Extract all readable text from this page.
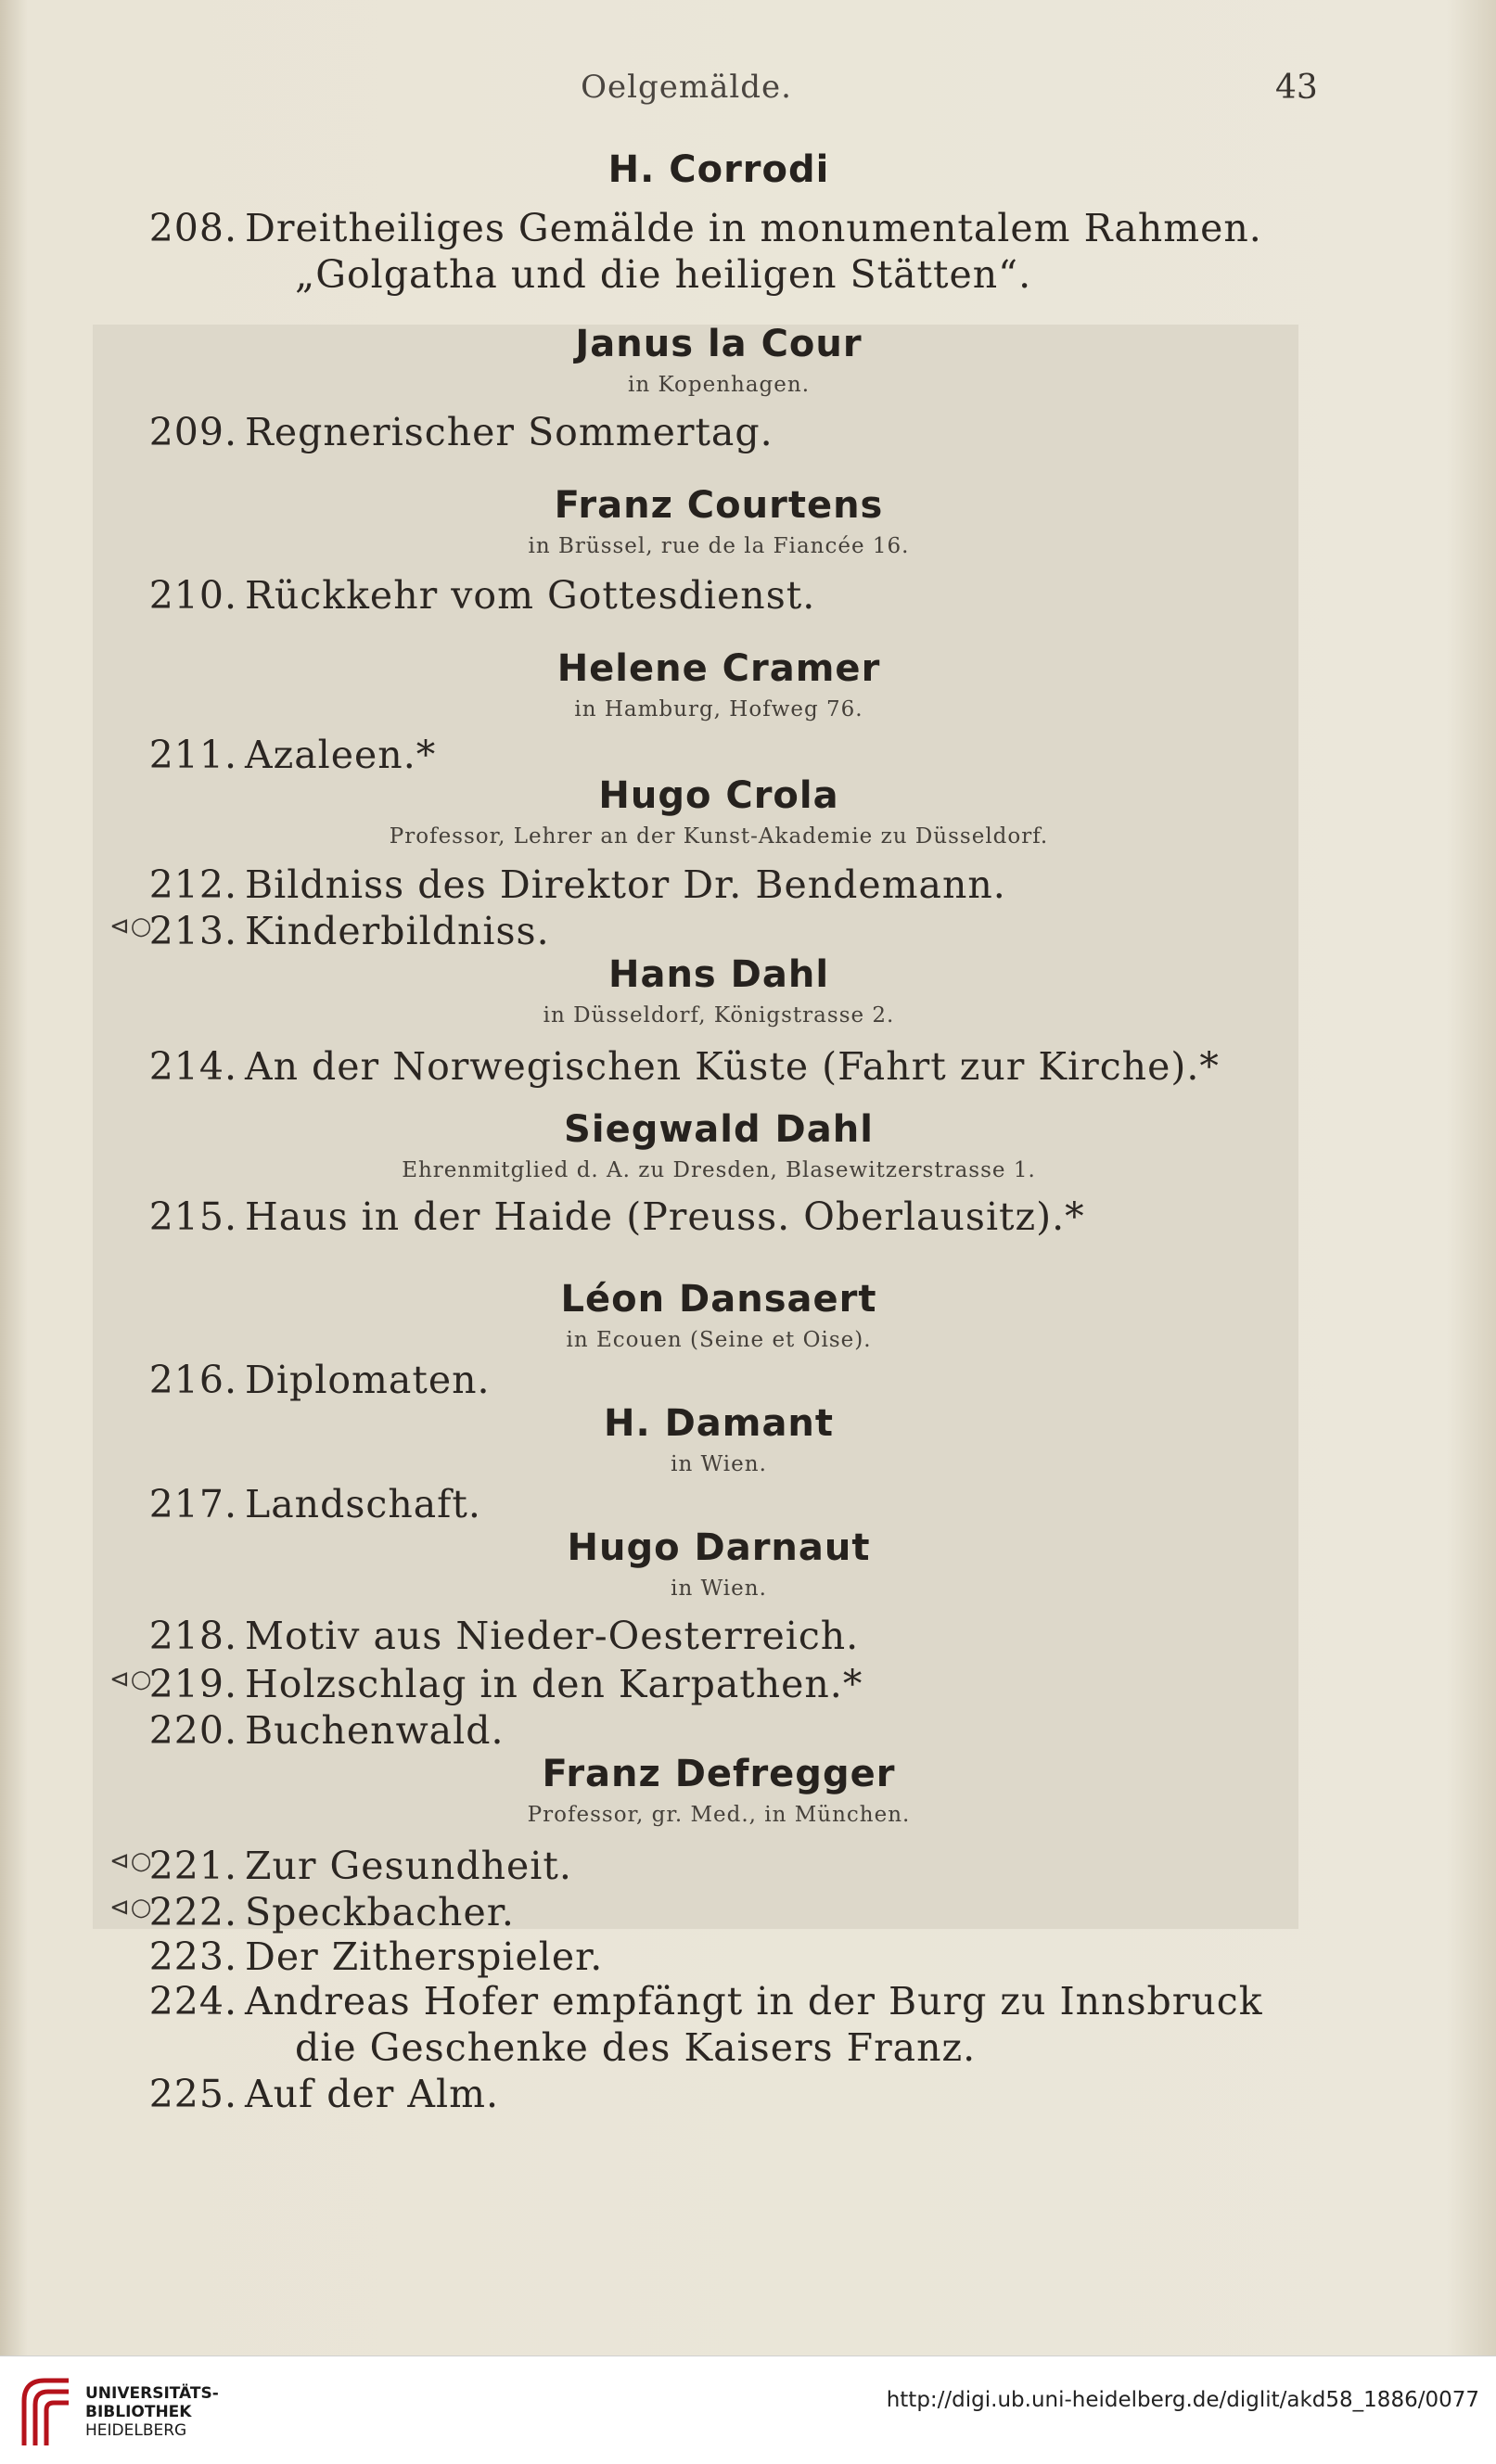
Oelgemälde.	43
H. Corrodi
208. Dreitheiliges Gemälde in monumentalem Rahmen.
„Golgatha und die heiligen Stätten“.
Janus la Cour
in Kopenhagen.
209. Regnerischer Sommertag.
Franz Courtens
in Brüssel, rue de la Fiancée 16.
210. Rückkehr vom Gottesdienst.
Helene Cramer
in Hamburg, Hofweg 76.
211. Azaleen.*
Hugo Crola
Professor, Lehrer an der Kunst-Akademie zu Düsseldorf.
212. Bildniss des Direktor Dr. Bendemann.
⊲○
213. Kinderbildniss.
Hans Dahl
in Düsseldorf, Königstrasse 2.
214. An der Norwegischen Küste (Fahrt zur Kirche).*
Siegwald Dahl
Ehrenmitglied d. A. zu Dresden, Blasewitzerstrasse 1.
215. Haus in der Haide (Preuss. Oberlausitz).*
Léon Dansaert
in Ecouen (Seine et Oise).
216. Diplomaten.
H. Damant
in Wien.
217. Landschaft.
Hugo Darnaut
in Wien.
218. Motiv aus Nieder-Oesterreich.
⊲○
219. Holzschlag in den Karpathen.*
220. Buchenwald.
Franz Defregger
Professor, gr. Med., in München.
⊲○
221. Zur Gesundheit.
⊲○
222. Speckbacher.
223. Der Zitherspieler.
224. Andreas Hofer empfängt in der Burg zu Innsbruck
die Geschenke des Kaisers Franz.
225. Auf der Alm.
UNIVERSITÄTS-
BIBLIOTHEK
HEIDELBERG
http://digi.ub.uni-heidelberg.de/diglit/akd58_1886/0077
